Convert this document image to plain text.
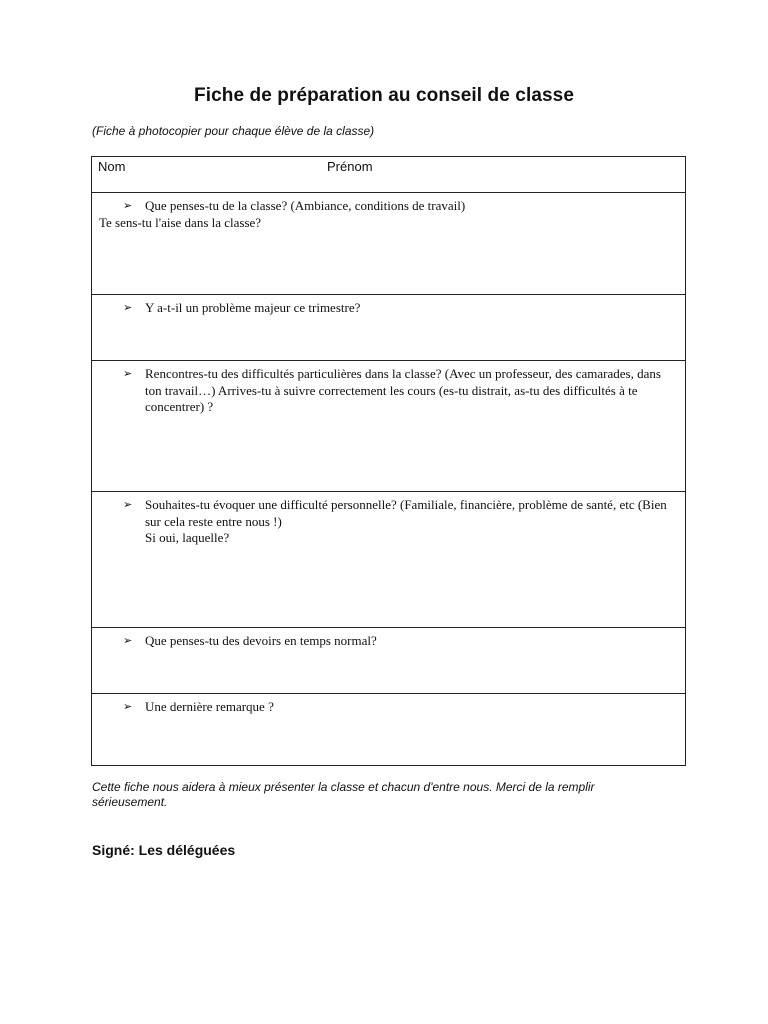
Fiche de préparation au conseil de classe
(Fiche à photocopier pour chaque élève de la classe)
Nom	Prénom
➢ Que penses-tu de la classe? (Ambiance, conditions de travail)
Te sens-tu l'aise dans la classe?
➢ Y a-t-il un problème majeur ce trimestre?
➢ Rencontres-tu des difficultés particulières dans la classe? (Avec un professeur, des camarades, dans ton travail…) Arrives-tu à suivre correctement les cours (es-tu distrait, as-tu des difficultés à te concentrer) ?
➢ Souhaites-tu évoquer une difficulté personnelle? (Familiale, financière, problème de santé, etc (Bien sur cela reste entre nous !)
Si oui, laquelle?
➢ Que penses-tu des devoirs en temps normal?
➢ Une dernière remarque ?
Cette fiche nous aidera à mieux présenter la classe et chacun d'entre nous. Merci de la remplir sérieusement.
Signé: Les déléguées
